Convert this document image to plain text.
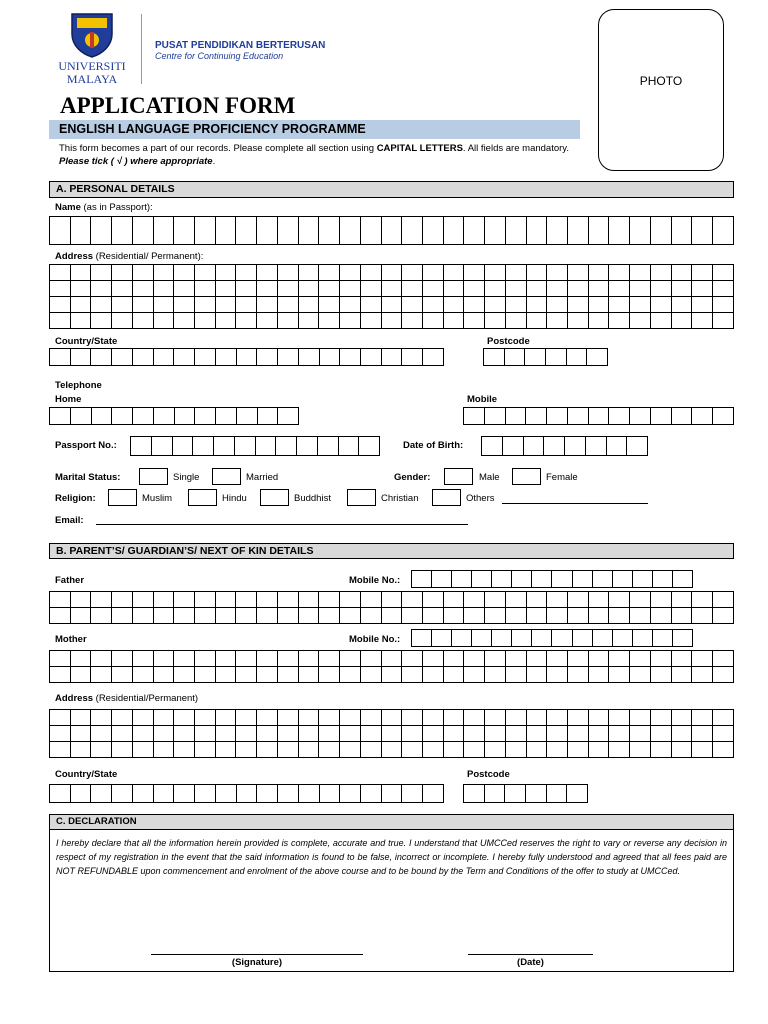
UNIVERSITI
MALAYA
PUSAT PENDIDIKAN BERTERUSAN
Centre for Continuing Education
PHOTO
APPLICATION FORM
ENGLISH LANGUAGE PROFICIENCY PROGRAMME
This form becomes a part of our records. Please complete all section using CAPITAL LETTERS. All fields are mandatory. Please tick ( √ ) where appropriate.
A. PERSONAL DETAILS
Name (as in Passport):
Address (Residential/ Permanent):
Country/State	Postcode
Telephone
Home	Mobile
Passport No.:	Date of Birth:
Marital Status:	Single	Married	Gender:	Male	Female
Religion:	Muslim	Hindu	Buddhist	Christian	Others
Email:
B. PARENT’S/ GUARDIAN’S/ NEXT OF KIN DETAILS
Father	Mobile No.:
Mother	Mobile No.:
Address (Residential/Permanent)
Country/State	Postcode
C. DECLARATION
I hereby declare that all the information herein provided is complete, accurate and true. I understand that UMCCed reserves the right to vary or reverse any decision in respect of my registration in the event that the said information is found to be false, incorrect or incomplete. I hereby fully understood and agreed that all fees paid are NOT REFUNDABLE upon commencement and enrolment of the above course and to be bound by the Term and Conditions of the offer to study at UMCCed.
(Signature)	(Date)
